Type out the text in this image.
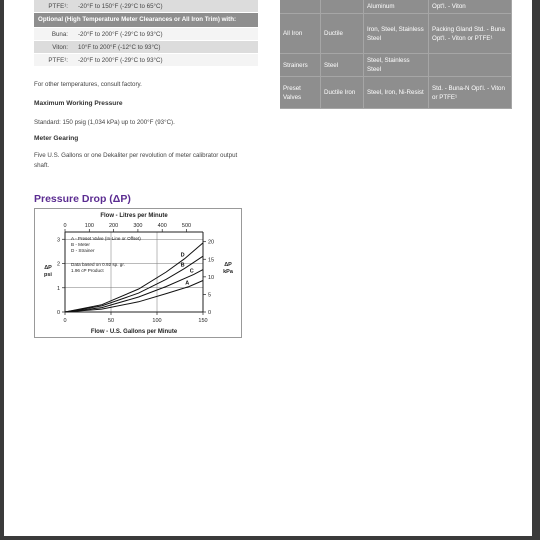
PTFE¹:	-20°F to 150°F (-29°C to 65°C)
Optional (High Temperature Meter Clearances or All Iron Trim) with:	
Buna:	-20°F to 200°F (-29°C to 93°C)
Viton:	10°F to 200°F (-12°C to 93°C)
PTFE¹:	-20°F to 200°F (-29°C to 93°C)
For other temperatures, consult factory.
Maximum Working Pressure
Standard: 150 psig (1,034 kPa) up to 200°F (93°C).
Meter Gearing
Five U.S. Gallons or one Dekaliter per revolution of meter calibrator output shaft.
Pressure Drop (ΔP)
0	50	100	150
0	100	200	300	400	500
0
1
2
3
0
5
10
15
20
Flow - Litres per Minute
Flow - U.S. Gallons per Minute
ΔP
psi
ΔP
kPa
A - Preset Valve (In-Line or Offset)
B - Meter
D - Strainer
Data based on 0.92 sp. gr.
1.96 cP Product
A
B
C
D
		Aluminum	Opt'l. - Viton
All Iron	Ductile	Iron, Steel, Stainless Steel	Packing Gland Std. - Buna Opt'l. - Viton or PTFE¹
Strainers	Steel	Steel, Stainless Steel	
Preset Valves	Ductile Iron	Steel, Iron, Ni-Resist	Std. - Buna-N Opt'l. - Viton or PTFE¹
